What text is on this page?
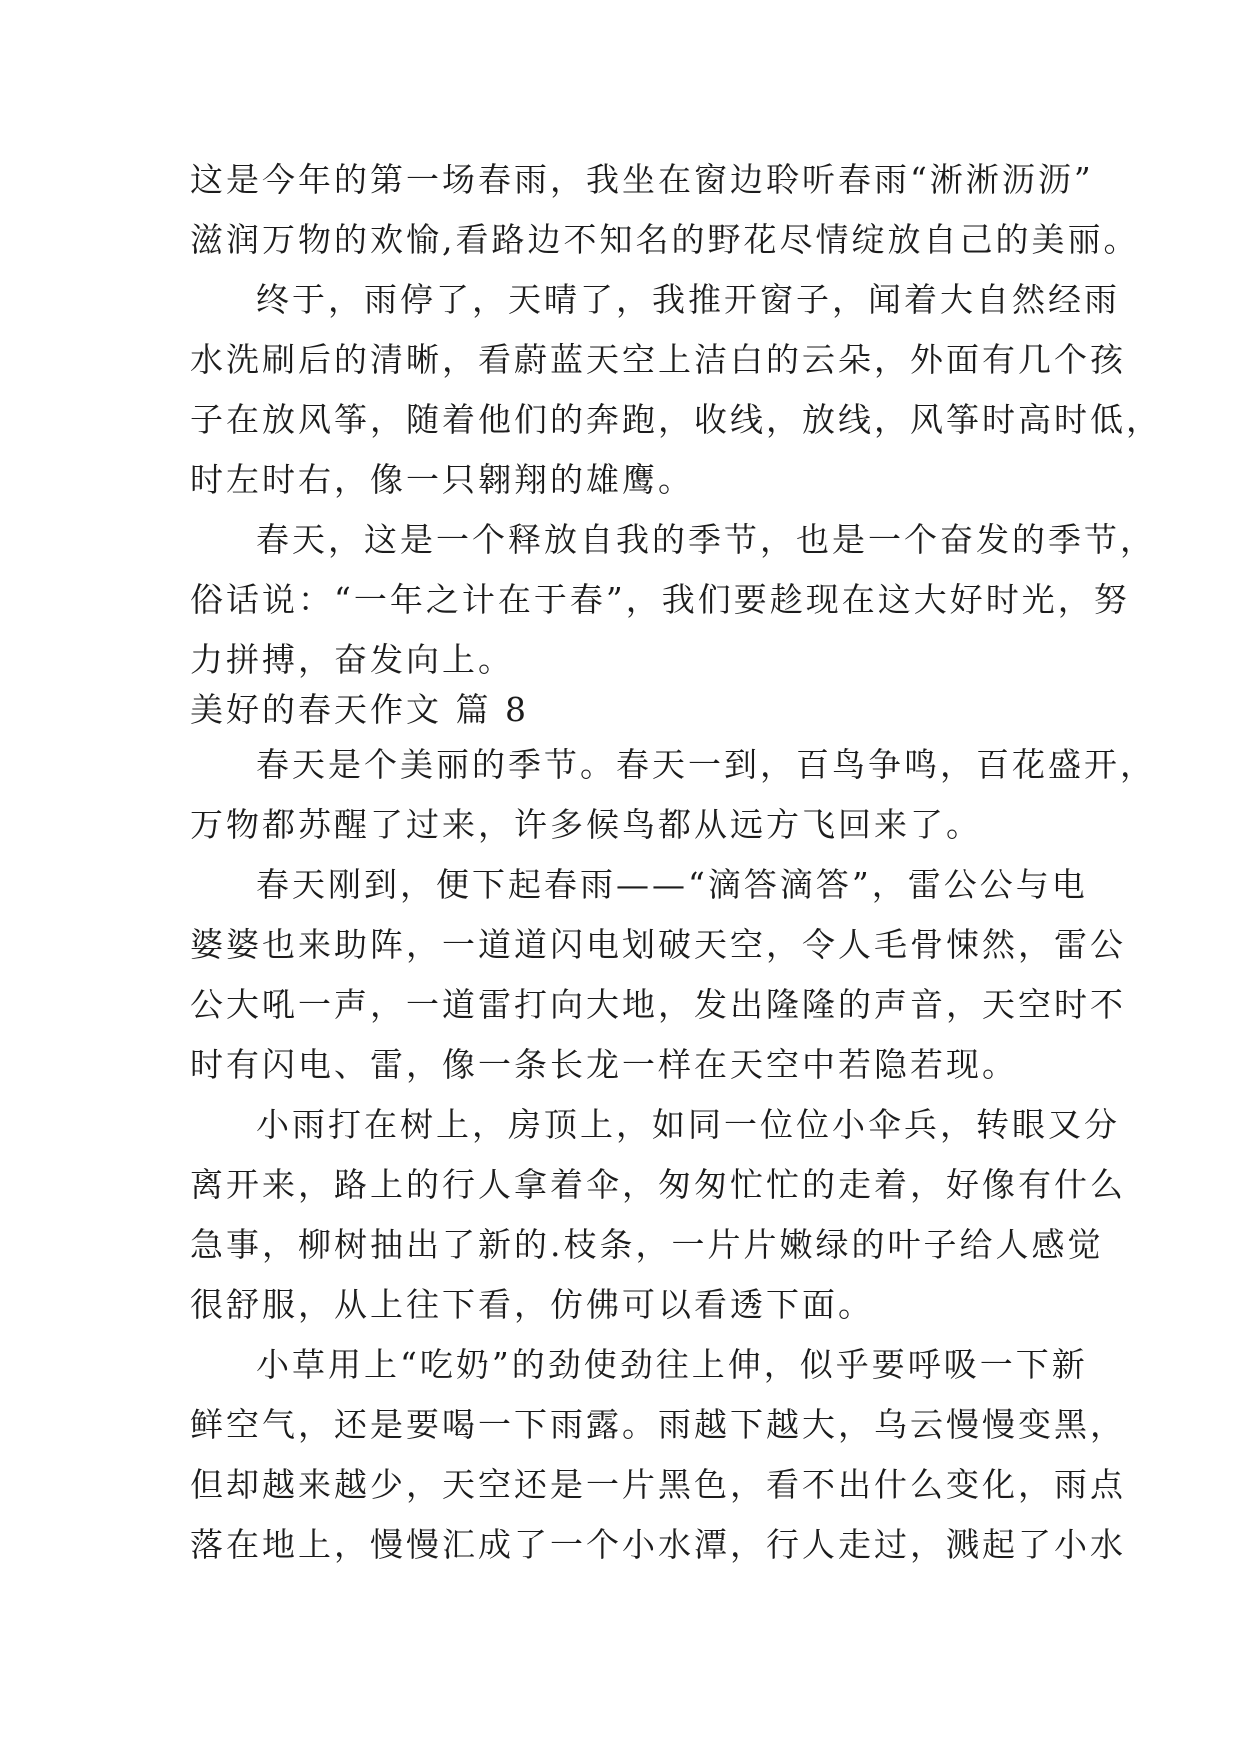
这是今年的第一场春雨，我坐在窗边聆听春雨“淅淅沥沥”
滋润万物的欢愉,看路边不知名的野花尽情绽放自己的美丽。
终于，雨停了，天晴了，我推开窗子，闻着大自然经雨
水洗刷后的清晰，看蔚蓝天空上洁白的云朵，外面有几个孩
子在放风筝，随着他们的奔跑，收线，放线，风筝时高时低，
时左时右，像一只翱翔的雄鹰。
春天，这是一个释放自我的季节，也是一个奋发的季节，
俗话说：“一年之计在于春”，我们要趁现在这大好时光，努
力拼搏，奋发向上。
美好的春天作文 篇 8
春天是个美丽的季节。春天一到，百鸟争鸣，百花盛开，
万物都苏醒了过来，许多候鸟都从远方飞回来了。
春天刚到，便下起春雨——“滴答滴答”，雷公公与电
婆婆也来助阵，一道道闪电划破天空，令人毛骨悚然，雷公
公大吼一声，一道雷打向大地，发出隆隆的声音，天空时不
时有闪电、雷，像一条长龙一样在天空中若隐若现。
小雨打在树上，房顶上，如同一位位小伞兵，转眼又分
离开来，路上的行人拿着伞，匆匆忙忙的走着，好像有什么
急事，柳树抽出了新的.枝条，一片片嫩绿的叶子给人感觉
很舒服，从上往下看，仿佛可以看透下面。
小草用上“吃奶”的劲使劲往上伸，似乎要呼吸一下新
鲜空气，还是要喝一下雨露。雨越下越大，乌云慢慢变黑，
但却越来越少，天空还是一片黑色，看不出什么变化，雨点
落在地上，慢慢汇成了一个小水潭，行人走过，溅起了小水
